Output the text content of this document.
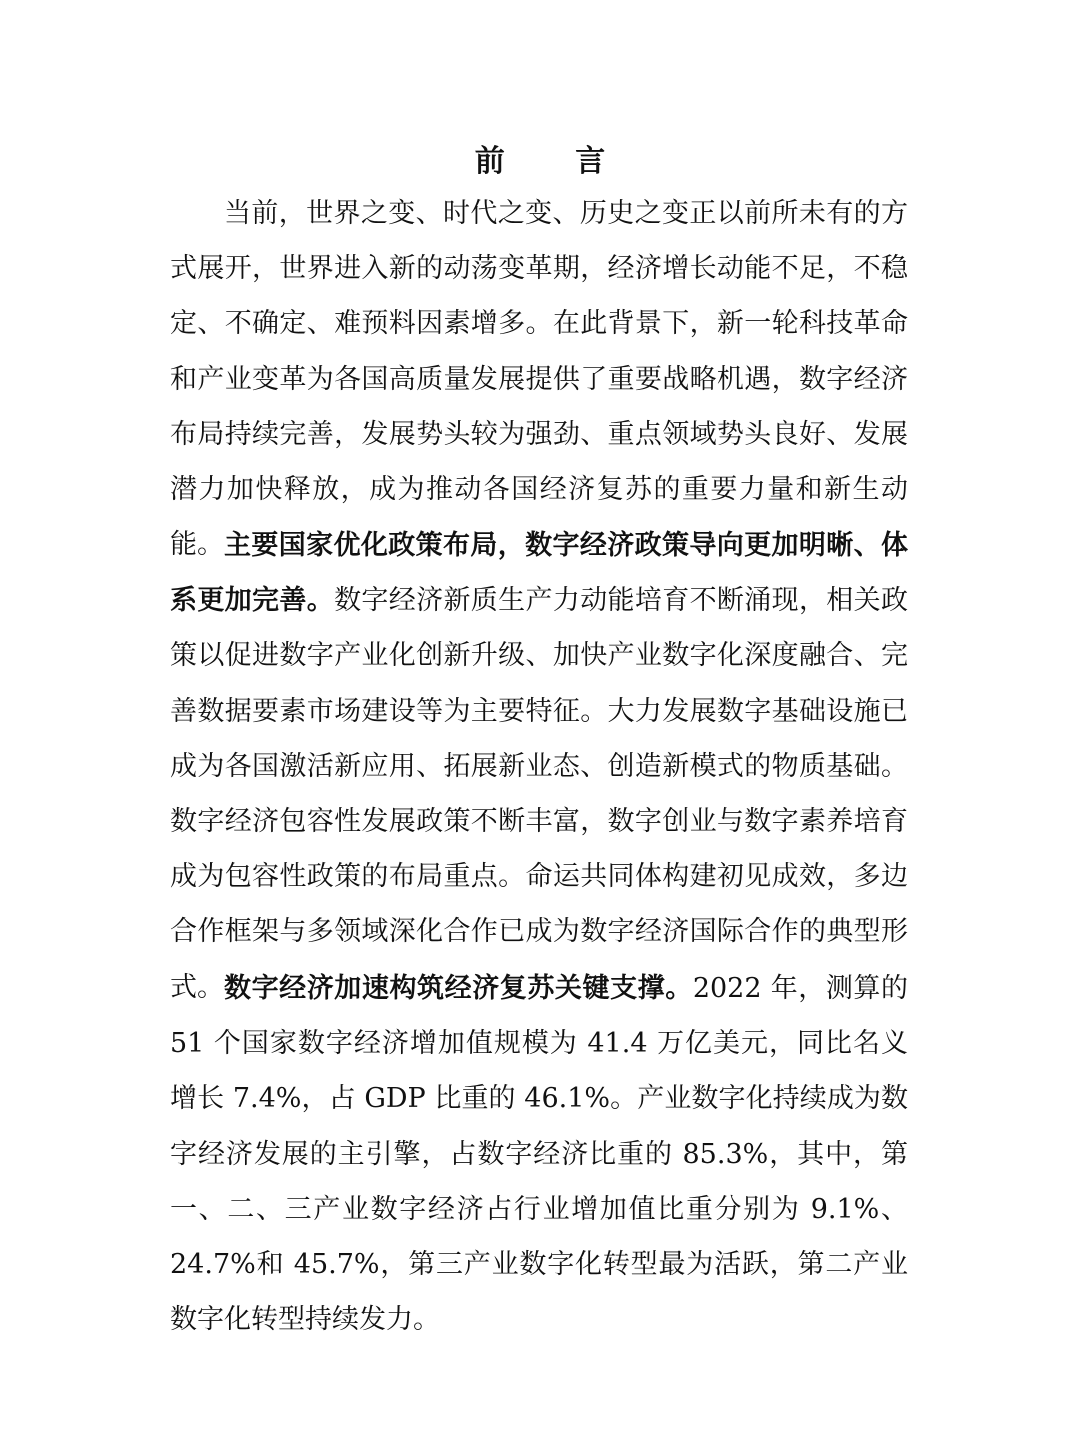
前 言

当前，世界之变、时代之变、历史之变正以前所未有的方式展开，世界进入新的动荡变革期，经济增长动能不足，不稳定、不确定、难预料因素增多。在此背景下，新一轮科技革命和产业变革为各国高质量发展提供了重要战略机遇，数字经济布局持续完善，发展势头较为强劲、重点领域势头良好、发展潜力加快释放，成为推动各国经济复苏的重要力量和新生动能。 主要国家优化政策布局，数字经济政策导向更加明晰、体系更加完善。数字经济新质生产力动能培育不断涌现，相关政策以促进数字产业化创新升级、加快产业数字化深度融合、完善数据要素市场建设等为主要特征。大力发展数字基础设施已成为各国激活新应用、拓展新业态、创造新模式的物质基础。数字经济包容性发展政策不断丰富，数字创业与数字素养培育成为包容性政策的布局重点。命运共同体构建初见成效，多边合作框架与多领域深化合作已成为数字经济国际合作的典型形式。 数字经济加速构筑经济复苏关键支撑。2022 年，测算的 51 个国家数字经济增加值规模为 41.4 万亿美元，同比名义增长 7.4%，占 GDP 比重的 46.1%。产业数字化持续成为数字经济发展的主引擎，占数字经济比重的 85.3%，其中，第一、二、三产业数字经济占行业增加值比重分别为 9.1%、24.7%和 45.7%，第三产业数字化转型最为活跃，第二产业数字化转型持续发力。
